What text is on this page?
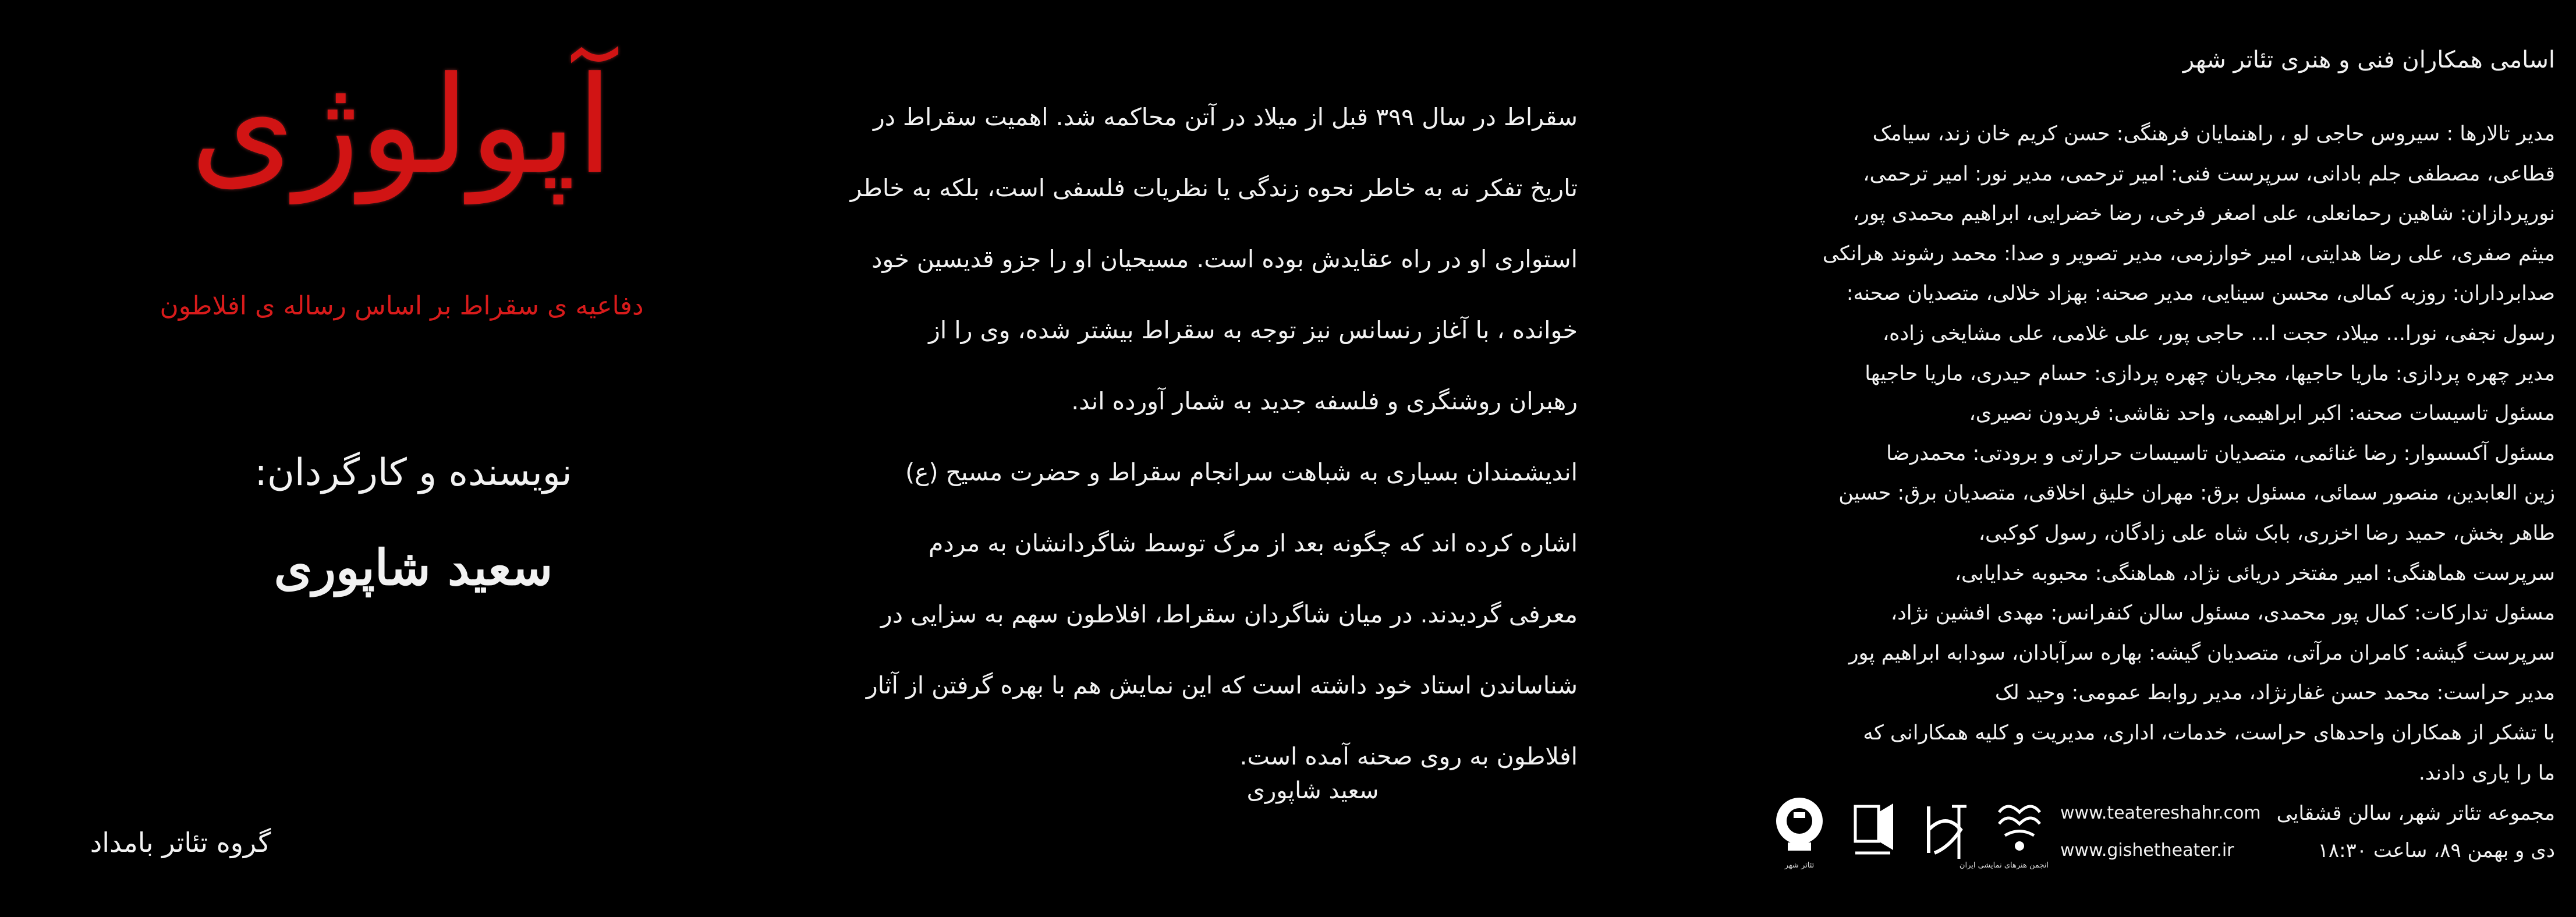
آپولوژی
دفاعیه ی سقراط بر اساس رساله ی افلاطون
نویسنده و کارگردان:
سعید شاپوری
گروه تئاتر بامداد
سقراط در سال ۳۹۹ قبل از میلاد در آتن محاکمه شد. اهمیت سقراط در
تاریخ تفکر نه به خاطر نحوه زندگی یا نظریات فلسفی است، بلکه به خاطر
استواری او در راه عقایدش بوده است. مسیحیان او را جزو قدیسین خود
خوانده ، با آغاز رنسانس نیز توجه به سقراط بیشتر شده، وی را از
رهبران روشنگری و فلسفه جدید به شمار آورده اند.
اندیشمندان بسیاری به شباهت سرانجام سقراط و حضرت مسیح (ع)
اشاره کرده اند که چگونه بعد از مرگ توسط شاگردانشان به مردم
معرفی گردیدند. در میان شاگردان سقراط، افلاطون سهم به سزایی در
شناساندن استاد خود داشته است که این نمایش هم با بهره گرفتن از آثار
افلاطون به روی صحنه آمده است.
سعید شاپوری
اسامی همکاران فنی و هنری تئاتر شهر
مدیر تالارها : سیروس حاجی لو ، راهنمایان فرهنگی: حسن کریم خان زند، سیامک
قطاعی، مصطفی جلم بادانی، سرپرست فنی: امیر ترحمی، مدیر نور: امیر ترحمی،
نورپردازان: شاهین رحمانعلی، علی اصغر فرخی، رضا خضرایی، ابراهیم محمدی پور،
میثم صفری، علی رضا هدایتی، امیر خوارزمی، مدیر تصویر و صدا: محمد رشوند هرانکی
صدابرداران: روزبه کمالی، محسن سینایی، مدیر صحنه: بهزاد خلالی، متصدیان صحنه:
رسول نجفی، نورا... میلاد، حجت ا... حاجی پور، علی غلامی، علی مشایخی زاده،
مدیر چهره پردازی: ماریا حاجیها، مجریان چهره پردازی: حسام حیدری، ماریا حاجیها
مسئول تاسیسات صحنه: اکبر ابراهیمی، واحد نقاشی: فریدون نصیری،
مسئول آکسسوار: رضا غنائمی، متصدیان تاسیسات حرارتی و برودتی: محمدرضا
زین العابدین، منصور سمائی، مسئول برق: مهران خلیق اخلاقی، متصدیان برق: حسین
طاهر بخش، حمید رضا اخزری، بابک شاه علی زادگان، رسول کوکبی،
سرپرست هماهنگی: امیر مفتخر دریائی نژاد، هماهنگی: محبوبه خدایابی،
مسئول تدارکات: کمال پور محمدی، مسئول سالن کنفرانس: مهدی افشین نژاد،
سرپرست گیشه: کامران مرآتی، متصدیان گیشه: بهاره سرآبادان، سودابه ابراهیم پور
مدیر حراست: محمد حسن غفارنژاد، مدیر روابط عمومی: وحید لک
با تشکر از همکاران واحدهای حراست، خدمات، اداری، مدیریت و کلیه همکارانی که
ما را یاری دادند.
مجموعه تئاتر شهر، سالن قشقایی
دی و بهمن ۸۹، ساعت ۱۸:۳۰
www.teatereshahr.com
www.gishetheater.ir
انجمن هنرهای نمایشی ایران
تئاتر شهر
